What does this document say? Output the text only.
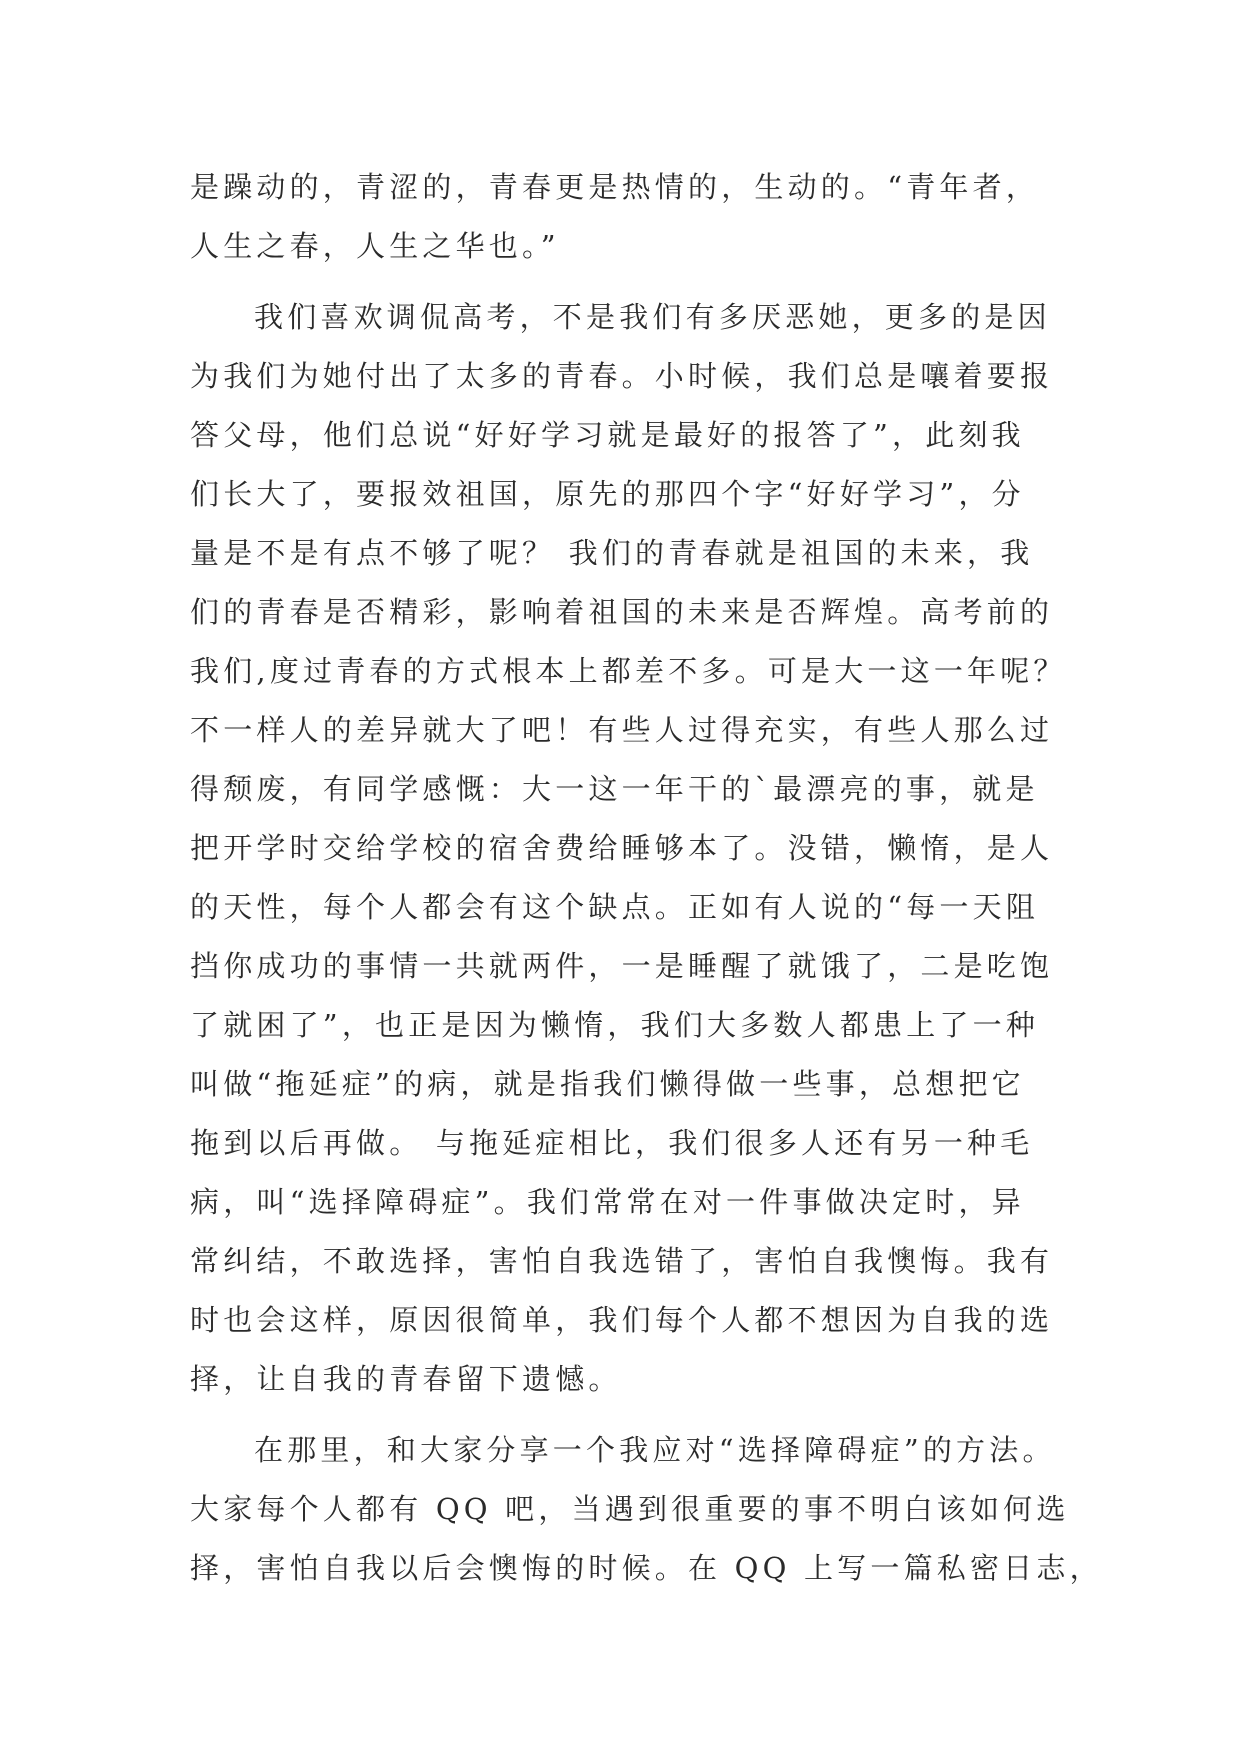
是躁动的，青涩的，青春更是热情的，生动的。“青年者，
人生之春，人生之华也。”
我们喜欢调侃高考，不是我们有多厌恶她，更多的是因
为我们为她付出了太多的青春。小时候，我们总是嚷着要报
答父母，他们总说“好好学习就是最好的报答了”，此刻我
们长大了，要报效祖国，原先的那四个字“好好学习”，分
量是不是有点不够了呢？ 我们的青春就是祖国的未来，我
们的青春是否精彩，影响着祖国的未来是否辉煌。高考前的
我们,度过青春的方式根本上都差不多。可是大一这一年呢？
不一样人的差异就大了吧！有些人过得充实，有些人那么过
得颓废，有同学感慨：大一这一年干的`最漂亮的事，就是
把开学时交给学校的宿舍费给睡够本了。没错，懒惰，是人
的天性，每个人都会有这个缺点。正如有人说的“每一天阻
挡你成功的事情一共就两件，一是睡醒了就饿了，二是吃饱
了就困了”，也正是因为懒惰，我们大多数人都患上了一种
叫做“拖延症”的病，就是指我们懒得做一些事，总想把它
拖到以后再做。 与拖延症相比，我们很多人还有另一种毛
病，叫“选择障碍症”。我们常常在对一件事做决定时，异
常纠结，不敢选择，害怕自我选错了，害怕自我懊悔。我有
时也会这样，原因很简单，我们每个人都不想因为自我的选
择，让自我的青春留下遗憾。
在那里，和大家分享一个我应对“选择障碍症”的方法。
大家每个人都有 QQ 吧，当遇到很重要的事不明白该如何选
择，害怕自我以后会懊悔的时候。在 QQ 上写一篇私密日志，
